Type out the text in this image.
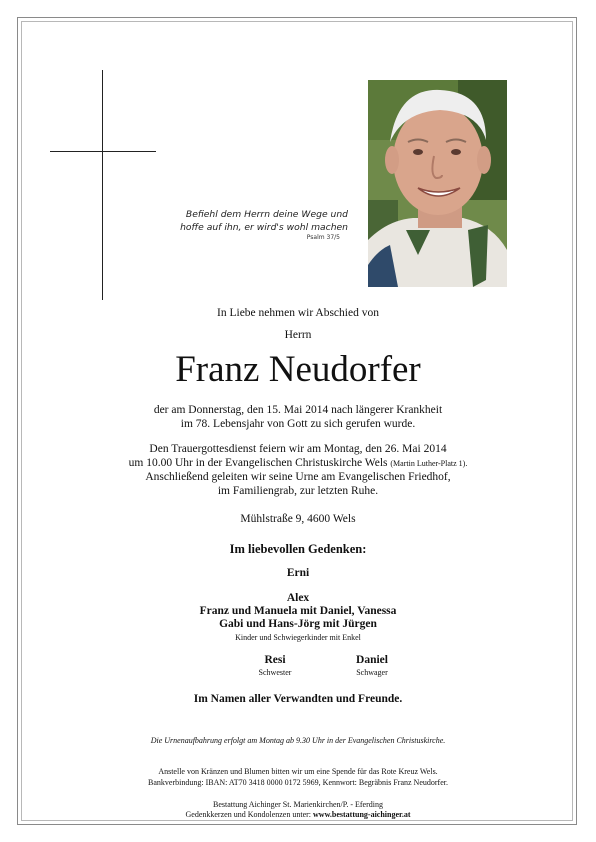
Befiehl dem Herrn deine Wege und
hoffe auf ihn, er wird's wohl machen
Psalm 37/5
In Liebe nehmen wir Abschied von
Herrn
Franz Neudorfer
der am Donnerstag, den 15. Mai 2014 nach längerer Krankheit
im 78. Lebensjahr von Gott zu sich gerufen wurde.
Den Trauergottesdienst feiern wir am Montag, den 26. Mai 2014
um 10.00 Uhr in der Evangelischen Christuskirche Wels (Martin Luther-Platz 1).
Anschließend geleiten wir seine Urne am Evangelischen Friedhof,
im Familiengrab, zur letzten Ruhe.
Mühlstraße 9, 4600 Wels
Im liebevollen Gedenken:
Erni
Alex
Franz und Manuela mit Daniel, Vanessa
Gabi und Hans-Jörg mit Jürgen
Kinder und Schwiegerkinder mit Enkel
Resi
Schwester
Daniel
Schwager
Im Namen aller Verwandten und Freunde.
Die Urnenaufbahrung erfolgt am Montag ab 9.30 Uhr in der Evangelischen Christuskirche.
Anstelle von Kränzen und Blumen bitten wir um eine Spende für das Rote Kreuz Wels.
Bankverbindung: IBAN: AT70 3418 0000 0172 5969, Kennwort: Begräbnis Franz Neudorfer.
Bestattung Aichinger St. Marienkirchen/P. - Eferding
Gedenkkerzen und Kondolenzen unter: www.bestattung-aichinger.at
